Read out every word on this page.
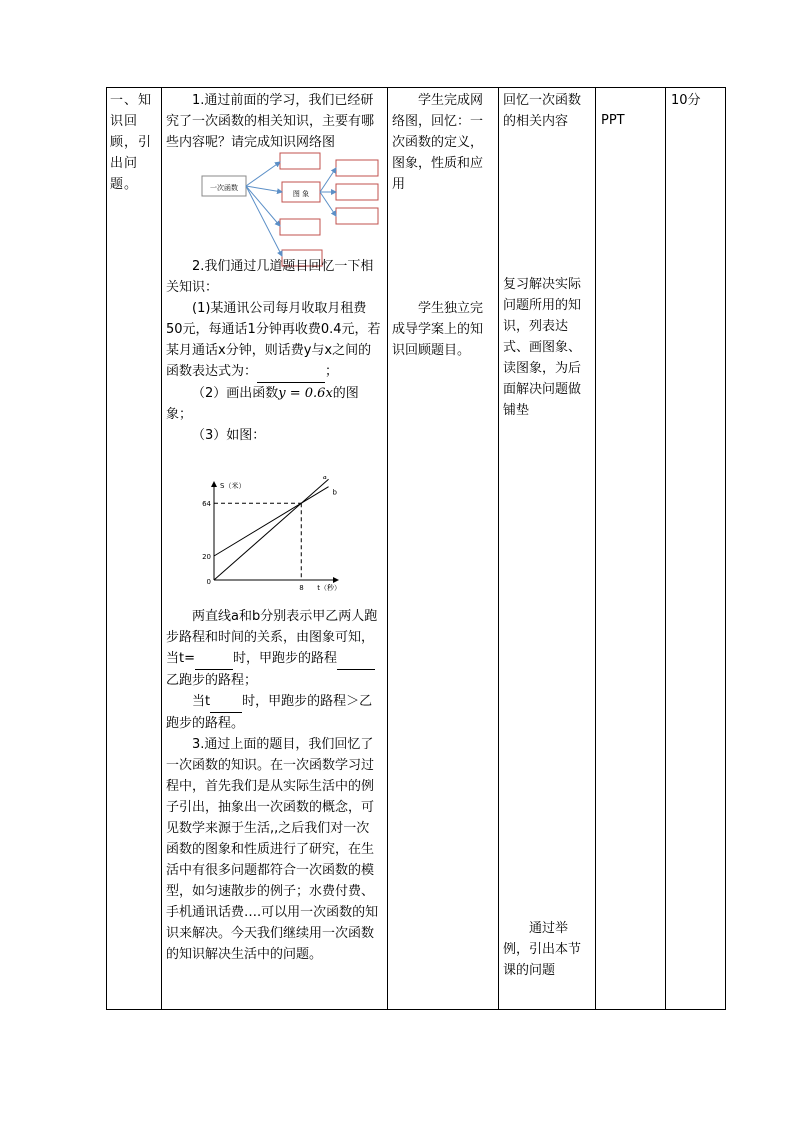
一、知识回顾，引出问题。
1.通过前面的学习，我们已经研究了一次函数的相关知识，主要有哪些内容呢？请完成知识网络图
一次函数
图 象

2.我们通过几道题目回忆一下相关知识：

(1)某通讯公司每月收取月租费50元，每通话1分钟再收费0.4元，若某月通话x分钟，则话费y与x之间的函数表达式为：	；

（2）画出函数y = 0.6x的图象；

（3）如图：

S（米）
t（秒）
0
8
20
64
a
b

两直线a和b分别表示甲乙两人跑步路程和时间的关系，由图象可知，当t=	时，甲跑步的路程乙跑步的路程；

当t 时，甲跑步的路程＞乙跑步的路程。

3.通过上面的题目，我们回忆了一次函数的知识。在一次函数学习过程中，首先我们是从实际生活中的例子引出，抽象出一次函数的概念，可见数学来源于生活,,之后我们对一次函数的图象和性质进行了研究，在生活中有很多问题都符合一次函数的模型，如匀速散步的例子；水费付费、手机通讯话费….可以用一次函数的知识来解决。今天我们继续用一次函数的知识解决生活中的问题。

学生完成网络图，回忆：一次函数的定义，图象，性质和应用
学生独立完成导学案上的知识回顾题目。
回忆一次函数的相关内容
复习解决实际问题所用的知识，列表达式、画图象、读图象，为后面解决问题做铺垫
通过举例，引出本节课的问题
PPT
10分
